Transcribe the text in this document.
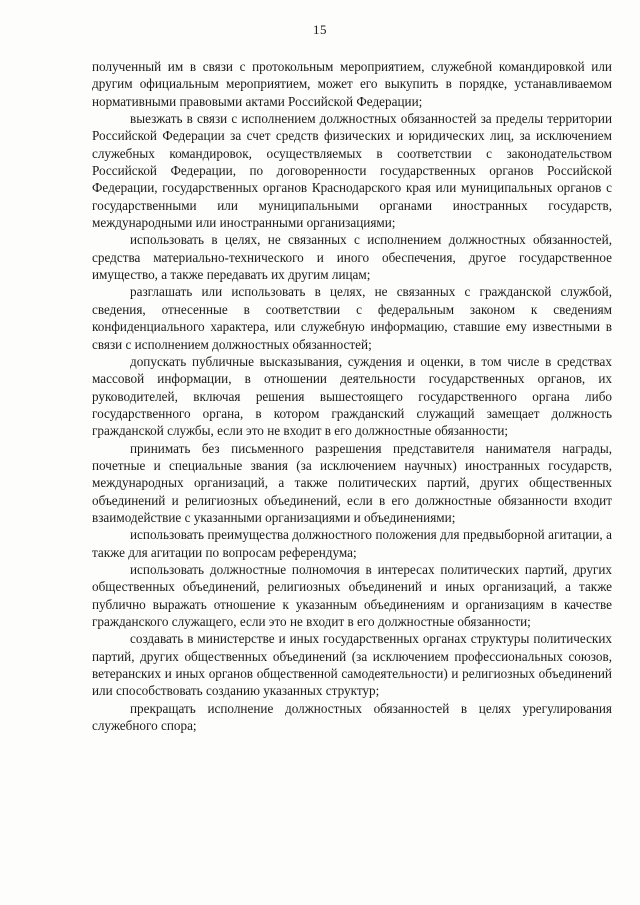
15

полученный им в связи с протокольным мероприятием, служебной командировкой или другим официальным мероприятием, может его выкупить в порядке, устанавливаемом нормативными правовыми актами Российской Федерации;

выезжать в связи с исполнением должностных обязанностей за пределы территории Российской Федерации за счет средств физических и юридических лиц, за исключением служебных командировок, осуществляемых в соответствии с законодательством Российской Федерации, по договоренности государственных органов Российской Федерации, государственных органов Краснодарского края или муниципальных органов с государственными или муниципальными органами иностранных государств, международными или иностранными организациями;

использовать в целях, не связанных с исполнением должностных обязанностей, средства материально-технического и иного обеспечения, другое государственное имущество, а также передавать их другим лицам;

разглашать или использовать в целях, не связанных с гражданской службой, сведения, отнесенные в соответствии с федеральным законом к сведениям конфиденциального характера, или служебную информацию, ставшие ему известными в связи с исполнением должностных обязанностей;

допускать публичные высказывания, суждения и оценки, в том числе в средствах массовой информации, в отношении деятельности государственных органов, их руководителей, включая решения вышестоящего государственного органа либо государственного органа, в котором гражданский служащий замещает должность гражданской службы, если это не входит в его должностные обязанности;

принимать без письменного разрешения представителя нанимателя награды, почетные и специальные звания (за исключением научных) иностранных государств, международных организаций, а также политических партий, других общественных объединений и религиозных объединений, если в его должностные обязанности входит взаимодействие с указанными организациями и объединениями;

использовать преимущества должностного положения для предвыборной агитации, а также для агитации по вопросам референдума;

использовать должностные полномочия в интересах политических партий, других общественных объединений, религиозных объединений и иных организаций, а также публично выражать отношение к указанным объединениям и организациям в качестве гражданского служащего, если это не входит в его должностные обязанности;

создавать в министерстве и иных государственных органах структуры политических партий, других общественных объединений (за исключением профессиональных союзов, ветеранских и иных органов общественной самодеятельности) и религиозных объединений или способствовать созданию указанных структур;

прекращать исполнение должностных обязанностей в целях урегулирования служебного спора;
